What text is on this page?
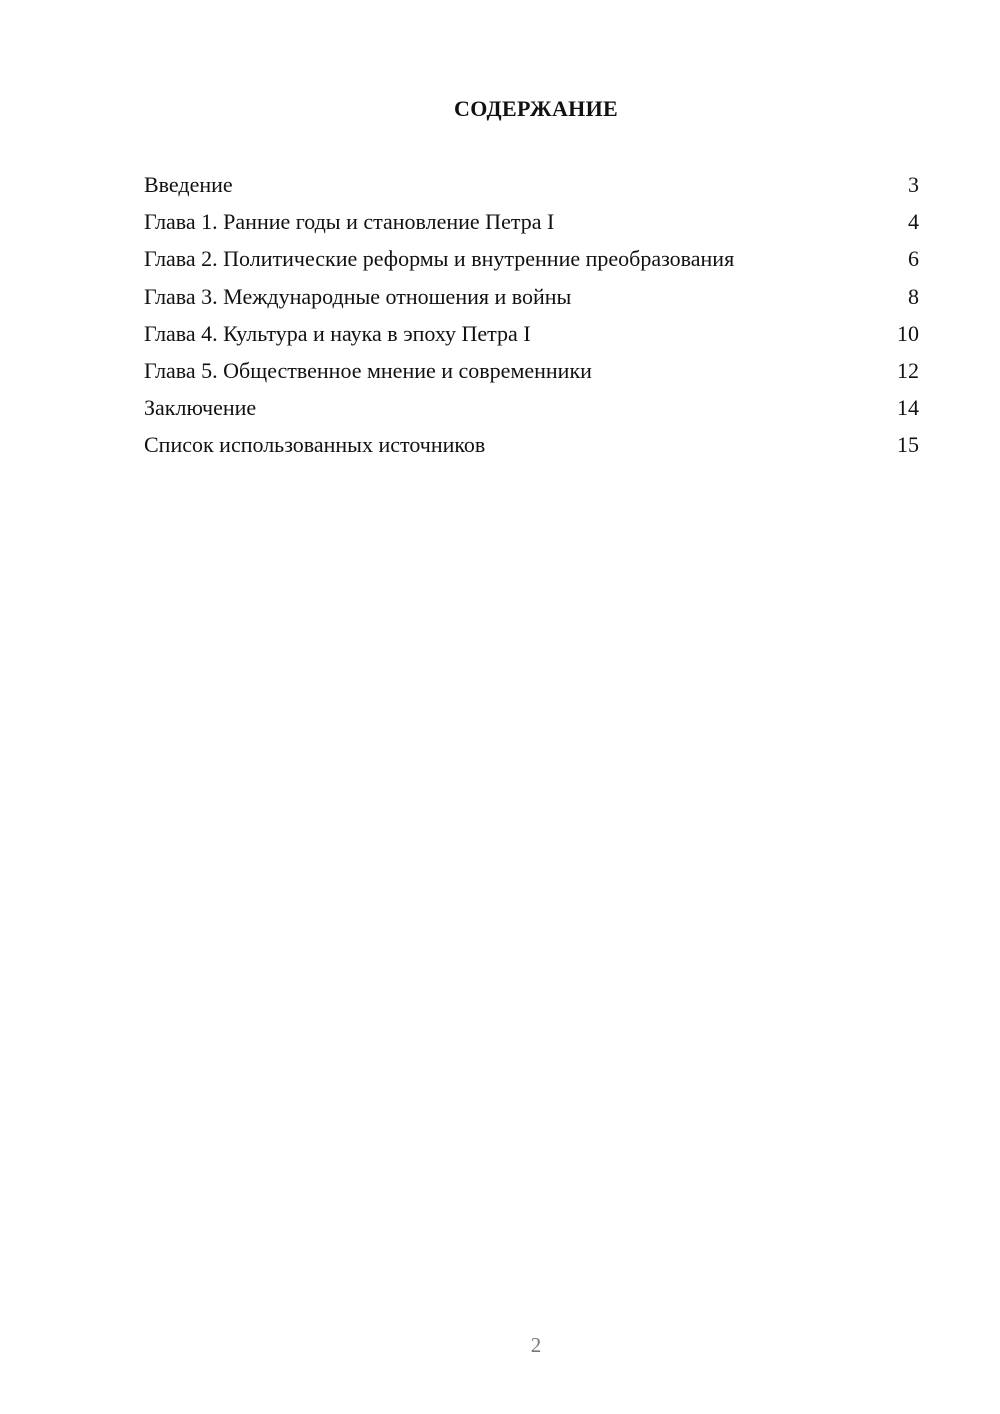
СОДЕРЖАНИЕ
Введение	3
Глава 1. Ранние годы и становление Петра I	4
Глава 2. Политические реформы и внутренние преобразования	6
Глава 3. Международные отношения и войны	8
Глава 4. Культура и наука в эпоху Петра I	10
Глава 5. Общественное мнение и современники	12
Заключение	14
Список использованных источников	15
2
